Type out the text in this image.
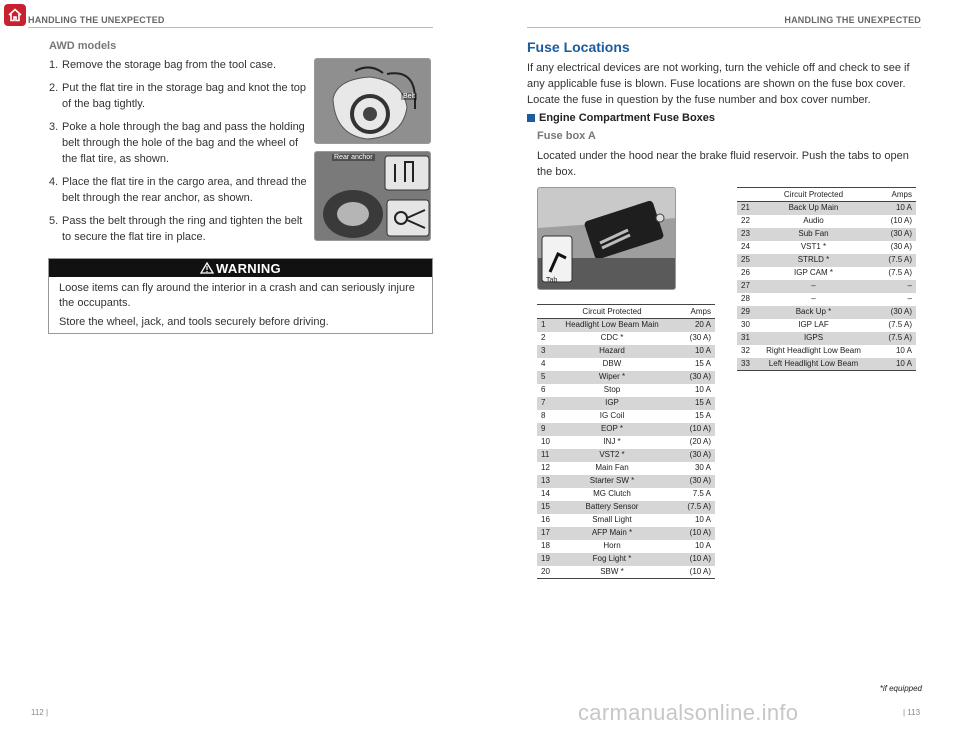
HANDLING THE UNEXPECTED	HANDLING THE UNEXPECTED
AWD models
1. Remove the storage bag from the tool case.
2. Put the flat tire in the storage bag and knot the top of the bag tightly.
3. Poke a hole through the bag and pass the holding belt through the hole of the bag and the wheel of the flat tire, as shown.
4. Place the flat tire in the cargo area, and thread the belt through the rear anchor, as shown.
5. Pass the belt through the ring and tighten the belt to secure the flat tire in place.
Belt
Rear anchor
WARNING

Loose items can fly around the interior in a crash and can seriously injure the occupants.

Store the wheel, jack, and tools securely before driving.

112 |
Fuse Locations
If any electrical devices are not working, turn the vehicle off and check to see if any applicable fuse is blown. Fuse locations are shown on the fuse box cover. Locate the fuse in question by the fuse number and box cover number.
Engine Compartment Fuse Boxes
Fuse box A
Located under the hood near the brake fluid reservoir. Push the tabs to open the box.
Tab
	Circuit Protected	Amps
1	Headlight Low Beam Main	20 A
2	CDC *	(30 A)
3	Hazard	10 A
4	DBW	15 A
5	Wiper *	(30 A)
6	Stop	10 A
7	IGP	15 A
8	IG Coil	15 A
9	EOP *	(10 A)
10	INJ *	(20 A)
11	VST2 *	(30 A)
12	Main Fan	30 A
13	Starter SW *	(30 A)
14	MG Clutch	7.5 A
15	Battery Sensor	(7.5 A)
16	Small Light	10 A
17	AFP Main *	(10 A)
18	Horn	10 A
19	Fog Light *	(10 A)
20	SBW *	(10 A)
	Circuit Protected	Amps
21	Back Up Main	10 A
22	Audio	(10 A)
23	Sub Fan	(30 A)
24	VST1 *	(30 A)
25	STRLD *	(7.5 A)
26	IGP CAM *	(7.5 A)
27	–	–
28	–	–
29	Back Up *	(30 A)
30	IGP LAF	(7.5 A)
31	IGPS	(7.5 A)
32	Right Headlight Low Beam	10 A
33	Left Headlight Low Beam	10 A
*if equipped
| 113
carmanualsonline.info
